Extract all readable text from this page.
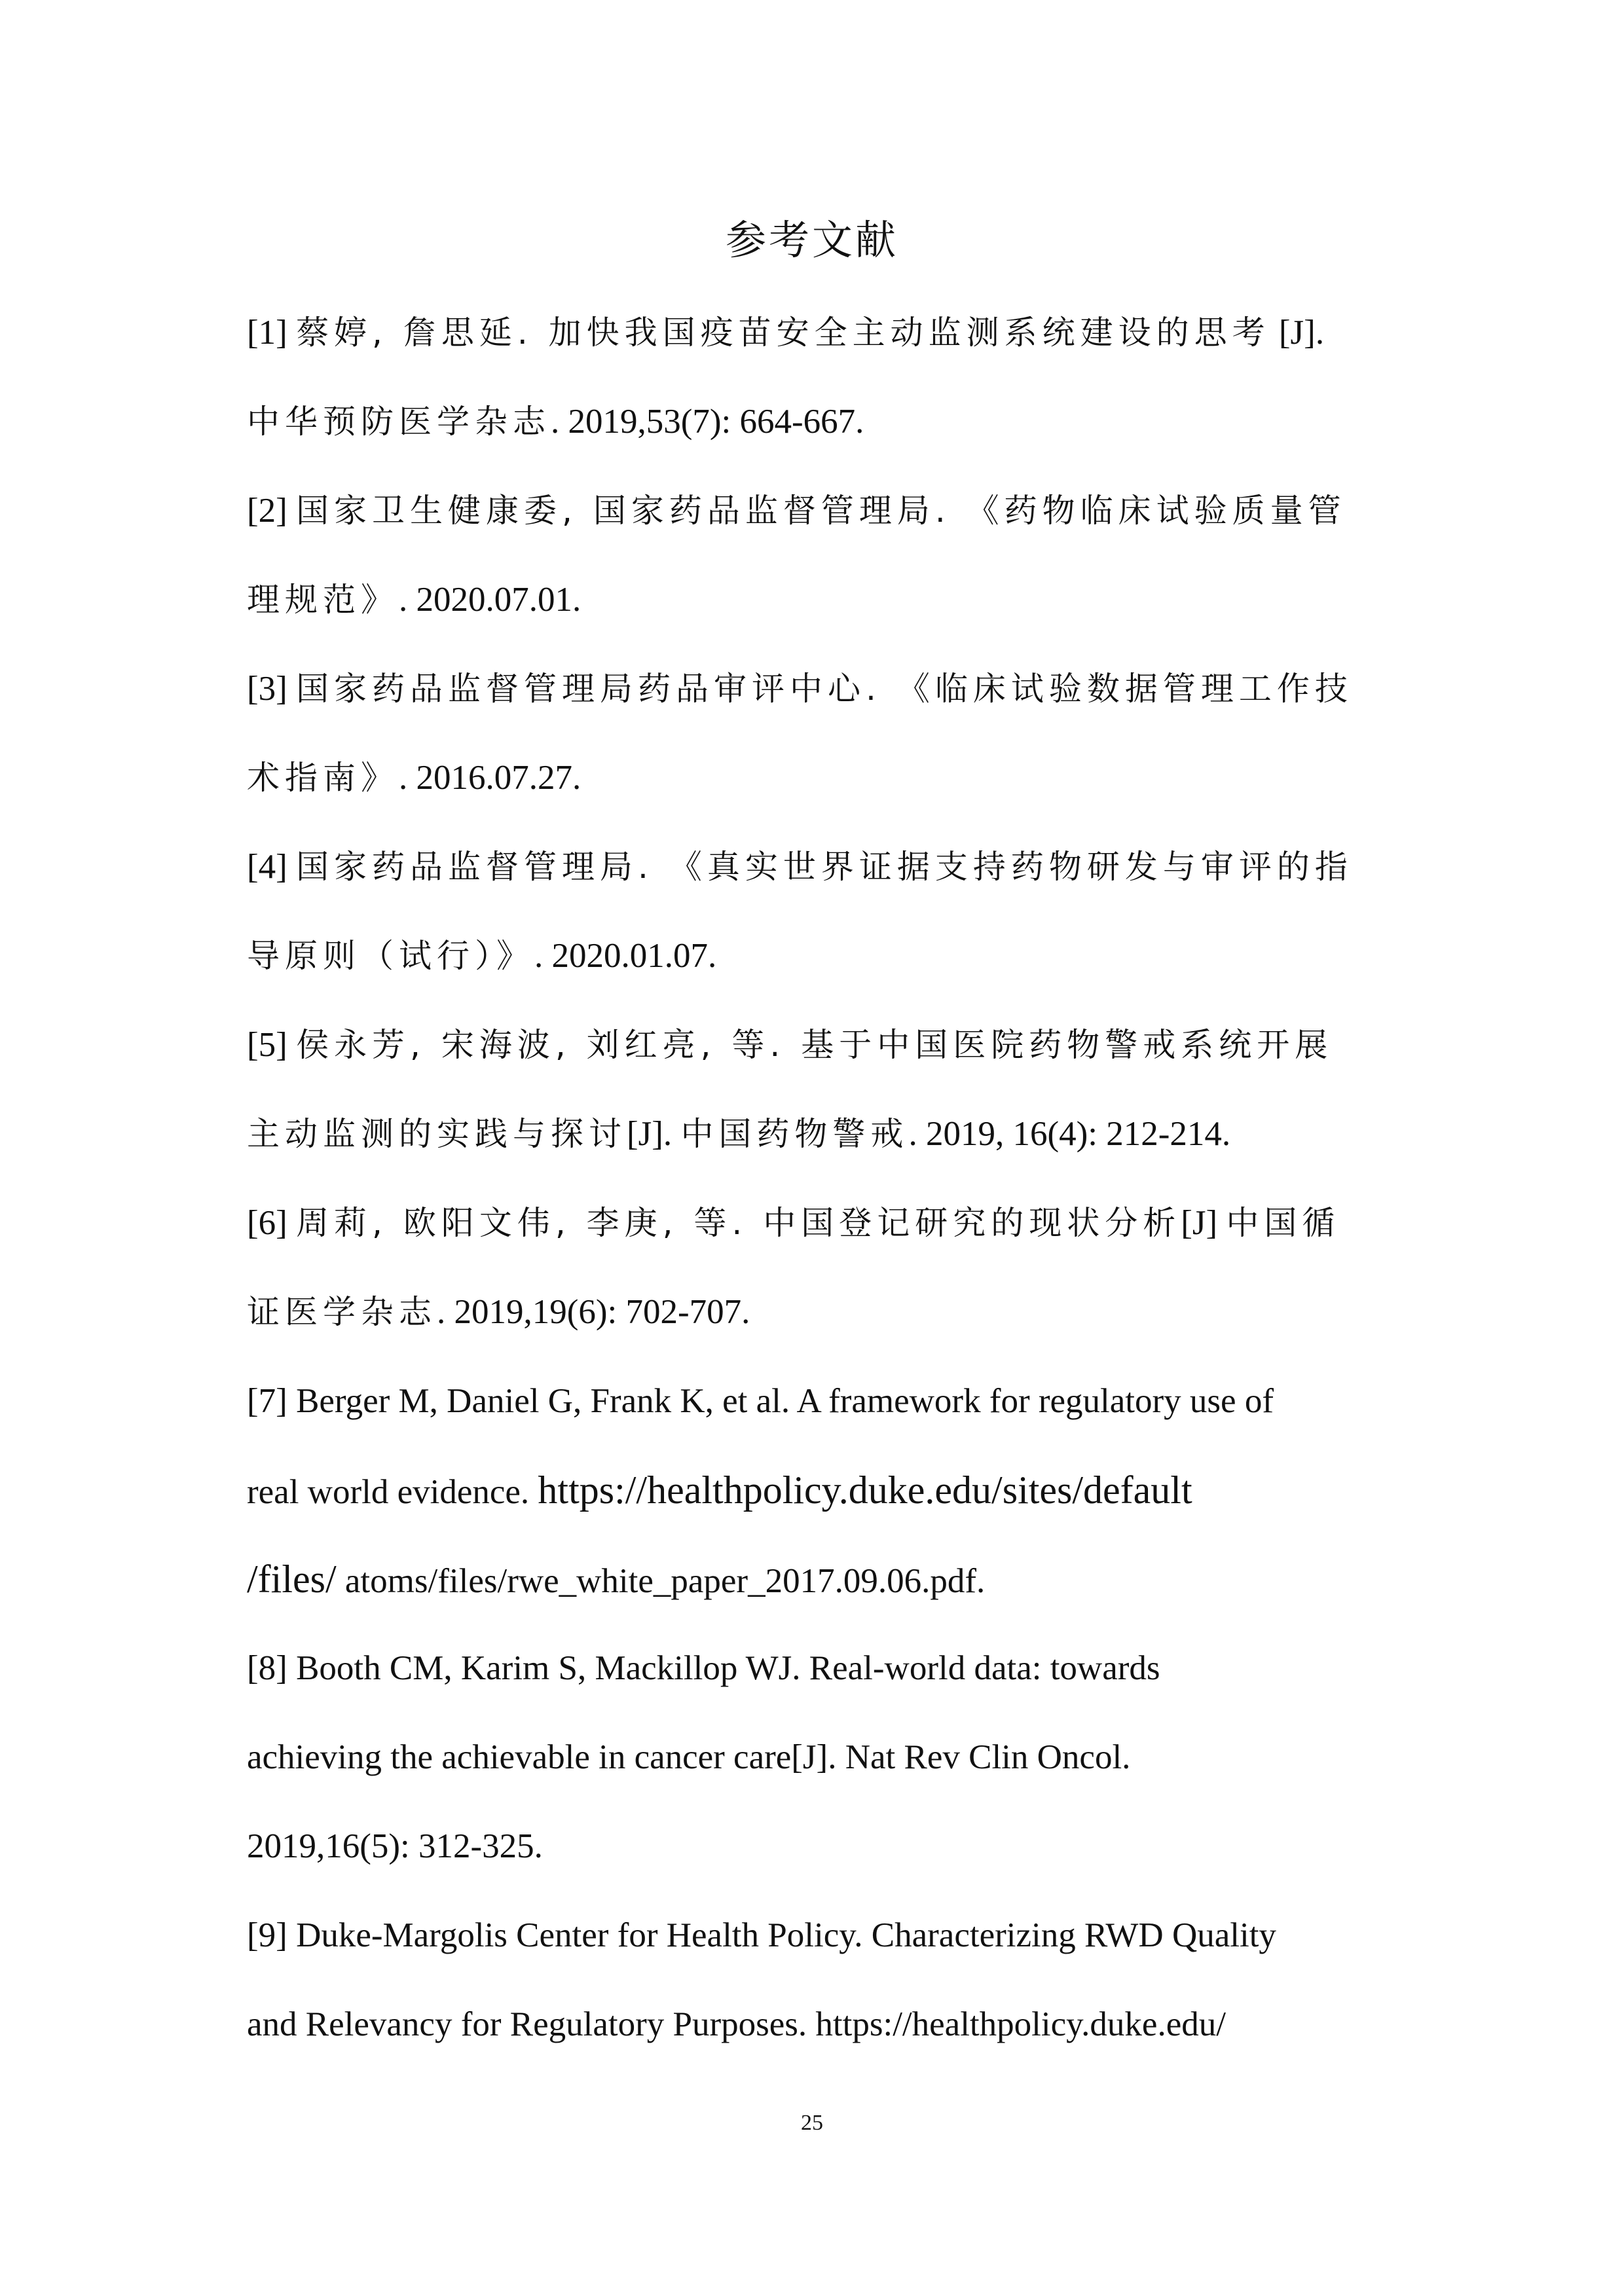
参考文献
[1] 蔡婷, 詹思延. 加快我国疫苗安全主动监测系统建设的思考 [J].
中华预防医学杂志. 2019,53(7): 664-667.
[2] 国家卫生健康委, 国家药品监督管理局. 《药物临床试验质量管
理规范》. 2020.07.01.
[3] 国家药品监督管理局药品审评中心. 《临床试验数据管理工作技
术指南》. 2016.07.27.
[4] 国家药品监督管理局. 《真实世界证据支持药物研发与审评的指
导原则（试行）》. 2020.01.07.
[5] 侯永芳, 宋海波, 刘红亮, 等. 基于中国医院药物警戒系统开展
主动监测的实践与探讨[J]. 中国药物警戒. 2019, 16(4): 212-214.
[6] 周莉, 欧阳文伟, 李庚, 等. 中国登记研究的现状分析[J] 中国循
证医学杂志. 2019,19(6): 702-707.
[7] Berger M, Daniel G, Frank K, et al. A framework for regulatory use of
real world evidence. https://healthpolicy.duke.edu/sites/default
/files/ atoms/files/rwe_white_paper_2017.09.06.pdf.
[8] Booth CM, Karim S, Mackillop WJ. Real-world data: towards
achieving the achievable in cancer care[J]. Nat Rev Clin Oncol.
2019,16(5): 312-325.
[9] Duke-Margolis Center for Health Policy. Characterizing RWD Quality
and Relevancy for Regulatory Purposes. https://healthpolicy.duke.edu/
25
